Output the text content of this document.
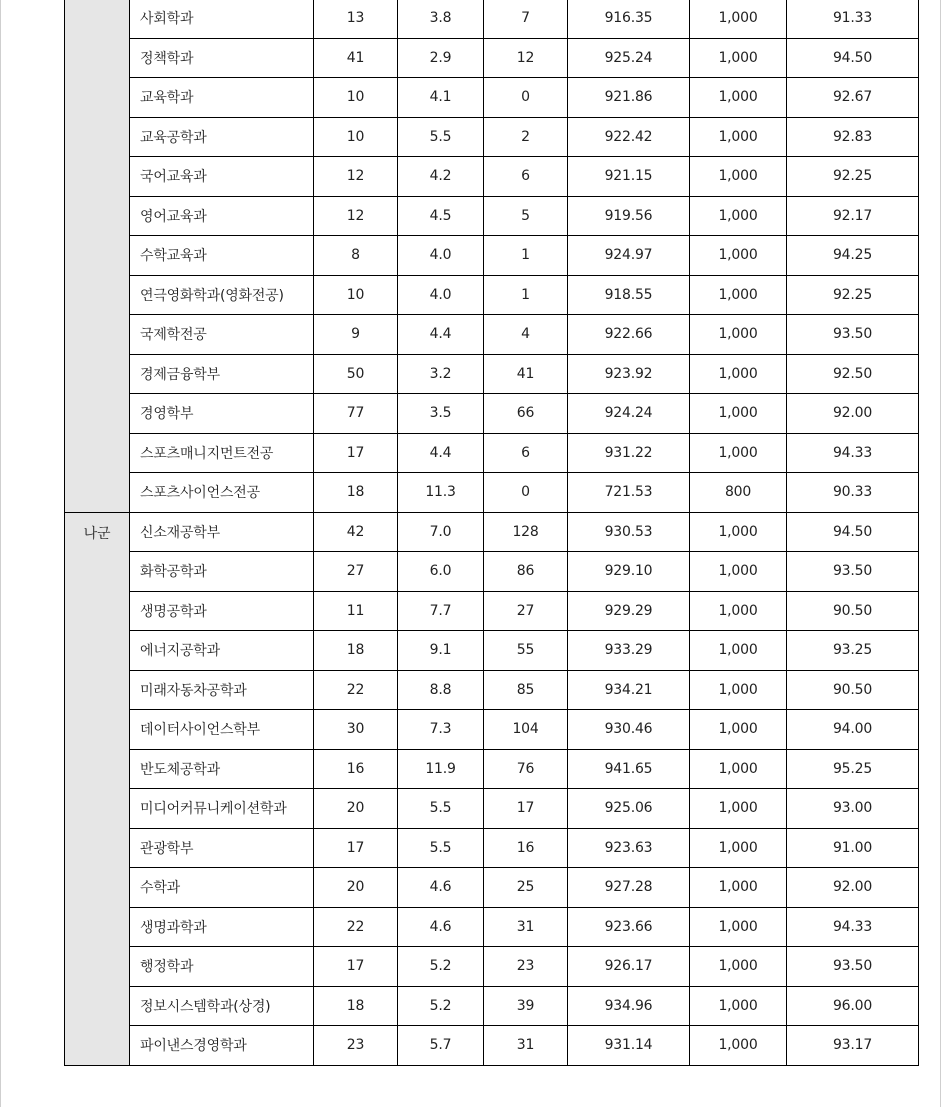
	사회학과	13	3.8	7	916.35	1,000	91.33
	정책학과	41	2.9	12	925.24	1,000	94.50
	교육학과	10	4.1	0	921.86	1,000	92.67
	교육공학과	10	5.5	2	922.42	1,000	92.83
	국어교육과	12	4.2	6	921.15	1,000	92.25
	영어교육과	12	4.5	5	919.56	1,000	92.17
	수학교육과	8	4.0	1	924.97	1,000	94.25
	연극영화학과(영화전공)	10	4.0	1	918.55	1,000	92.25
	국제학전공	9	4.4	4	922.66	1,000	93.50
	경제금융학부	50	3.2	41	923.92	1,000	92.50
	경영학부	77	3.5	66	924.24	1,000	92.00
	스포츠매니지먼트전공	17	4.4	6	931.22	1,000	94.33
	스포츠사이언스전공	18	11.3	0	721.53	800	90.33
나군	신소재공학부	42	7.0	128	930.53	1,000	94.50
	화학공학과	27	6.0	86	929.10	1,000	93.50
	생명공학과	11	7.7	27	929.29	1,000	90.50
	에너지공학과	18	9.1	55	933.29	1,000	93.25
	미래자동차공학과	22	8.8	85	934.21	1,000	90.50
	데이터사이언스학부	30	7.3	104	930.46	1,000	94.00
	반도체공학과	16	11.9	76	941.65	1,000	95.25
	미디어커뮤니케이션학과	20	5.5	17	925.06	1,000	93.00
	관광학부	17	5.5	16	923.63	1,000	91.00
	수학과	20	4.6	25	927.28	1,000	92.00
	생명과학과	22	4.6	31	923.66	1,000	94.33
	행정학과	17	5.2	23	926.17	1,000	93.50
	정보시스템학과(상경)	18	5.2	39	934.96	1,000	96.00
	파이낸스경영학과	23	5.7	31	931.14	1,000	93.17
